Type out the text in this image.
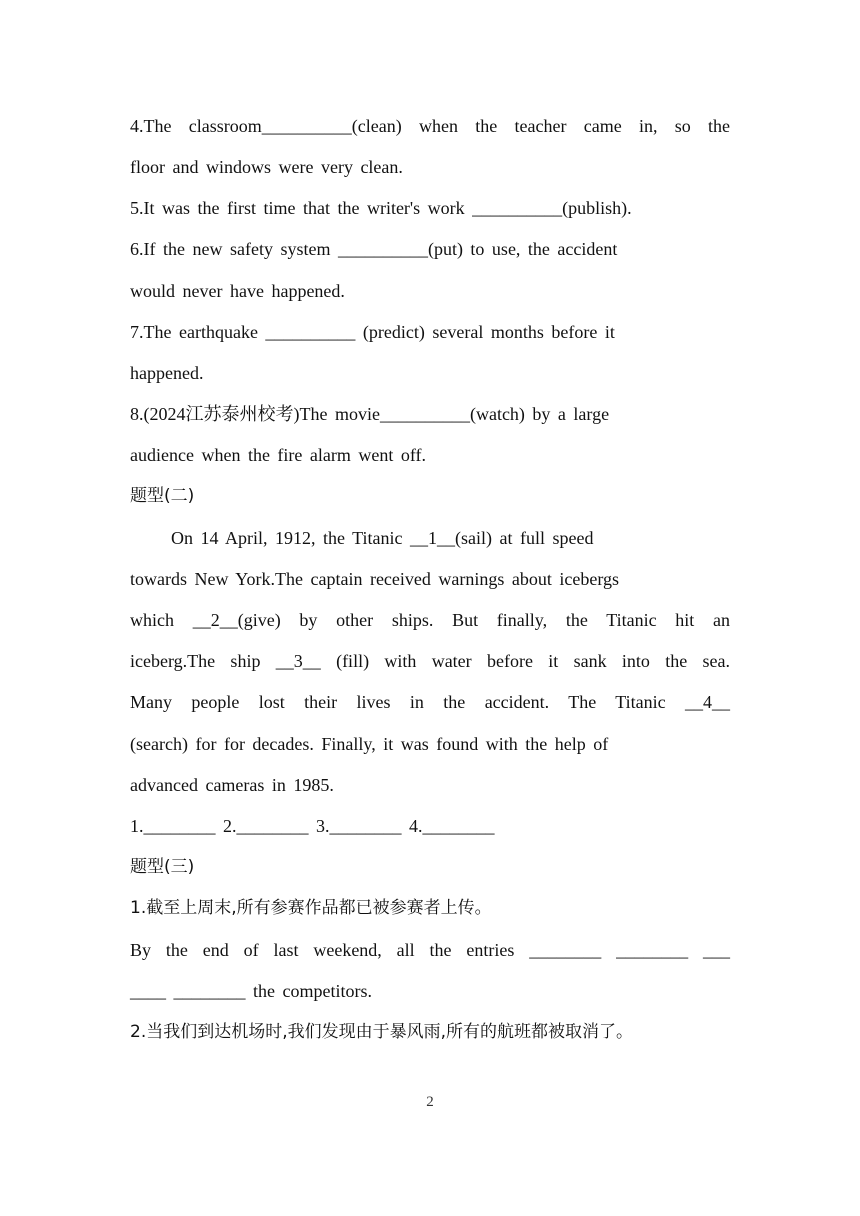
4.The classroom__________(clean) when the teacher came in, so the
floor and windows were very clean.
5.It was the first time that the writer's work __________(publish).
6.If the new safety system __________(put) to use, the accident
would never have happened.
7.The earthquake __________ (predict) several months before it
happened.
8.(2024江苏泰州校考)The movie__________(watch) by a large
audience when the fire alarm went off.
题型(二)
On 14 April, 1912, the Titanic __1__(sail) at full speed
towards New York.The captain received warnings about icebergs
which __2__(give) by other ships. But finally, the Titanic hit an
iceberg.The ship __3__ (fill) with water before it sank into the sea.
Many people lost their lives in the accident. The Titanic __4__
(search) for for decades. Finally, it was found with the help of
advanced cameras in 1985.
1.________ 2.________ 3.________ 4.________
题型(三)
1.截至上周末,所有参赛作品都已被参赛者上传。
By the end of last weekend, all the entries ________ ________ ___
____ ________ the competitors.
2.当我们到达机场时,我们发现由于暴风雨,所有的航班都被取消了。
2
